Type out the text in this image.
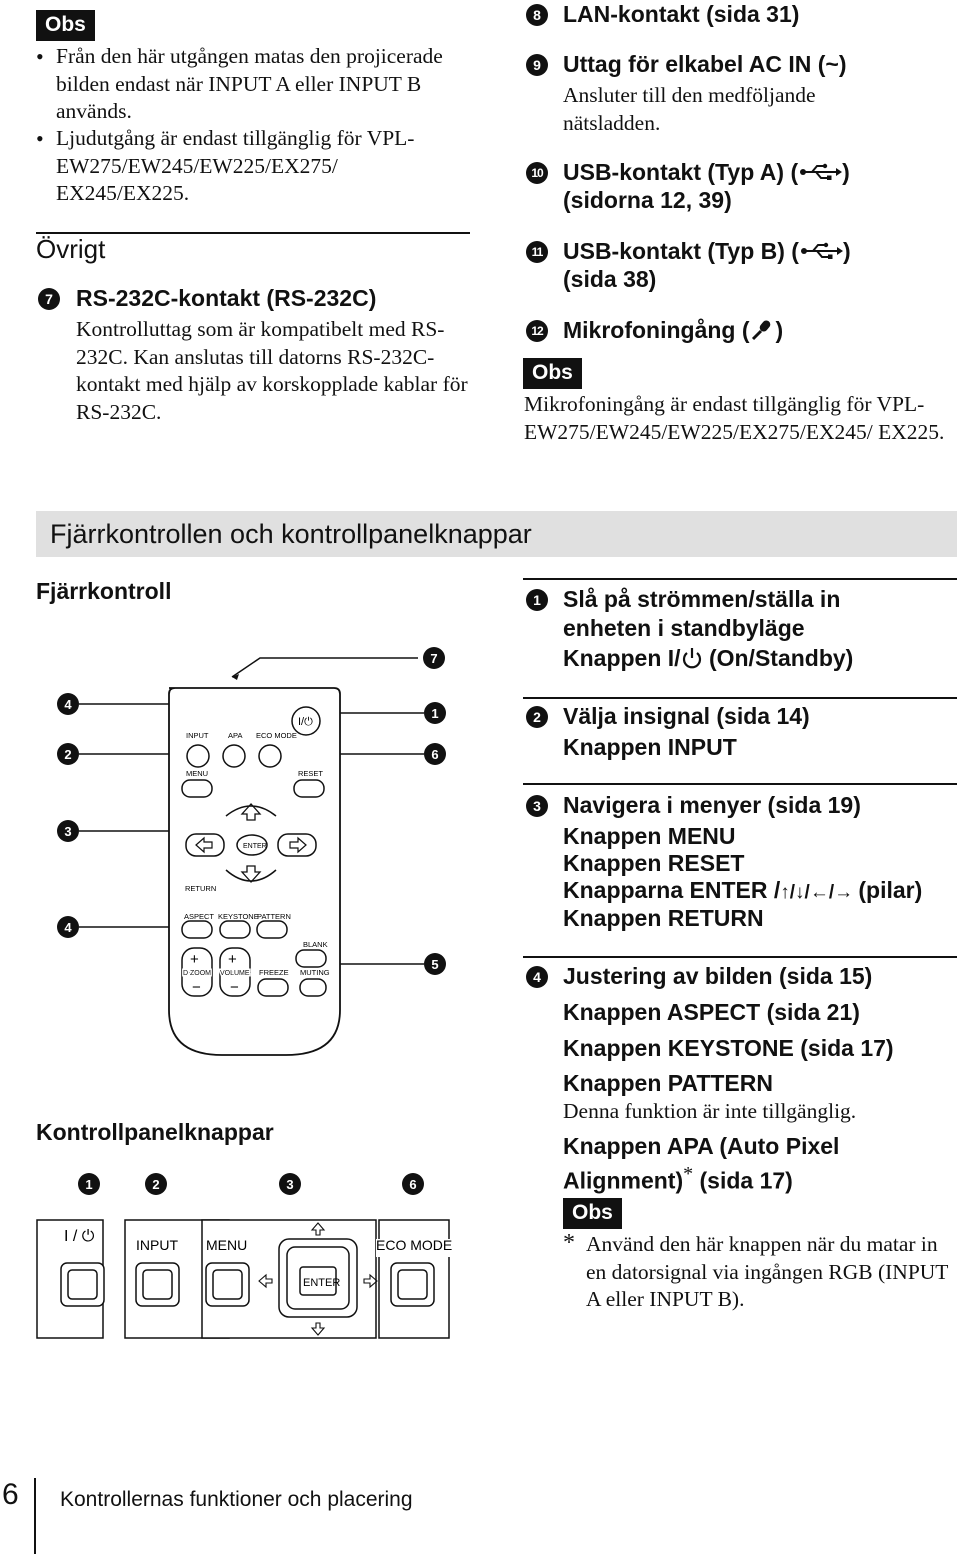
Obs
• Från den här utgången matas den projicerade bilden endast när INPUT A eller INPUT B används.
• Ljudutgång är endast tillgänglig för VPL-EW275/EW245/EW225/EX275/ EX245/EX225.
Övrigt
7	RS-232C-kontakt (RS-232C)
Kontrolluttag som är kompatibelt med RS-232C. Kan anslutas till datorns RS-232C-kontakt med hjälp av korskopplade kablar för RS-232C.
8 LAN-kontakt (sida 31)
9 Uttag för elkabel AC IN (~)
Ansluter till den medföljande nätsladden.
10 USB-kontakt (Typ A) ( )
(sidorna 12, 39)
11 USB-kontakt (Typ B) ( )
(sida 38)
12 Mikrofoningång ( )
Obs
Mikrofoningång är endast tillgänglig för VPL-EW275/EW245/EW225/EX275/EX245/ EX225.
Fjärrkontrollen och kontrollpanelknappar
Fjärrkontroll
INPUT	APA ECO MODE
I/⏻
MENU	RESET
ENTER
RETURN
ASPECT KEYSTONE
PATTERN
BLANK
+
−
+
−
D ZOOM VOLUME FREEZE MUTING
7
4
2
3
4
1
6
5
Kontrollpanelknappar
1	2	3	6
I / ⏻	INPUT MENU
ENTER
ECO MODE
1 Slå på strömmen/ställa in
enheten i standbyläge
Knappen I/ (On/Standby)
2 Välja insignal (sida 14)
Knappen INPUT
3 Navigera i menyer (sida 19)
Knappen MENU
Knappen RESET
Knapparna ENTER /↑/↓/←/→ (pilar)
Knappen RETURN
4 Justering av bilden (sida 15)
Knappen ASPECT (sida 21)
Knappen KEYSTONE (sida 17)
Knappen PATTERN
Denna funktion är inte tillgänglig.
Knappen APA (Auto Pixel
Alignment)* (sida 17)
Obs
* Använd den här knappen när du matar in en datorsignal via ingången RGB (INPUT A eller INPUT B).
6 Kontrollernas funktioner och placering
